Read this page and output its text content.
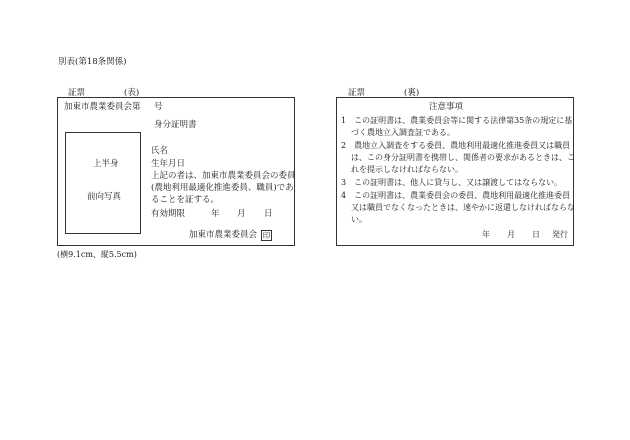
別表(第18条関係)
証票	(表)	証票	(裏)
加東市農業委員会第 号
身分証明書
上半身
前向写真
氏名
生年月日
上記の者は、加東市農業委員会の委員
(農地利用最適化推進委員、職員)であ
ることを証する。
有効期限	年 月 日
加東市農業委員会 印
注意事項
1　この証明書は、農業委員会等に関する法律第35条の規定に基
づく農地立入調査証である。
2　農地立入調査をする委員、農地利用最適化推進委員又は職員
は、この身分証明書を携帯し、関係者の要求があるときは、こ
れを提示しなければならない。
3　この証明書は、他人に貸与し、又は譲渡してはならない。
4　この証明書は、農業委員会の委員、農地利用最適化推進委員
又は職員でなくなったときは、速やかに返還しなければならな
い。
年 月 日 発行
(横9.1cm、縦5.5cm)
